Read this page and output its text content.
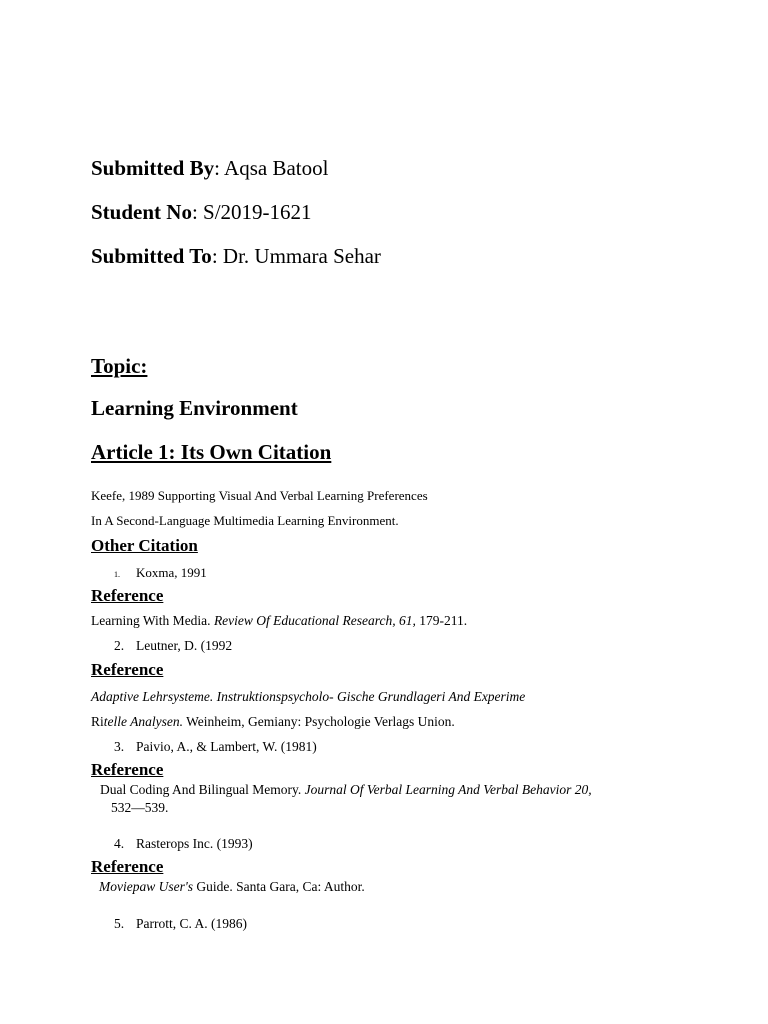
Submitted By: Aqsa Batool
Student No: S/2019-1621
Submitted To: Dr. Ummara Sehar
Topic:
Learning Environment
Article 1: Its Own Citation
Keefe, 1989 Supporting Visual And Verbal Learning Preferences
In A Second-Language Multimedia Learning Environment.
Other Citation
1. Koxma, 1991
Reference
Learning With Media. Review Of Educational Research, 61, 179-211.
2. Leutner, D. (1992
Reference
Adaptive Lehrsysteme. Instruktionspsycholo- Gische Grundlageri And Experime
Ritelle Analysen. Weinheim, Gemiany: Psychologie Verlags Union.
3. Paivio, A., & Lambert, W. (1981)
Reference
Dual Coding And Bilingual Memory. Journal Of Verbal Learning And Verbal Behavior 20,
532—539.
4. Rasterops Inc. (1993)
Reference
Moviepaw User's Guide. Santa Gara, Ca: Author.
5. Parrott, C. A. (1986)
